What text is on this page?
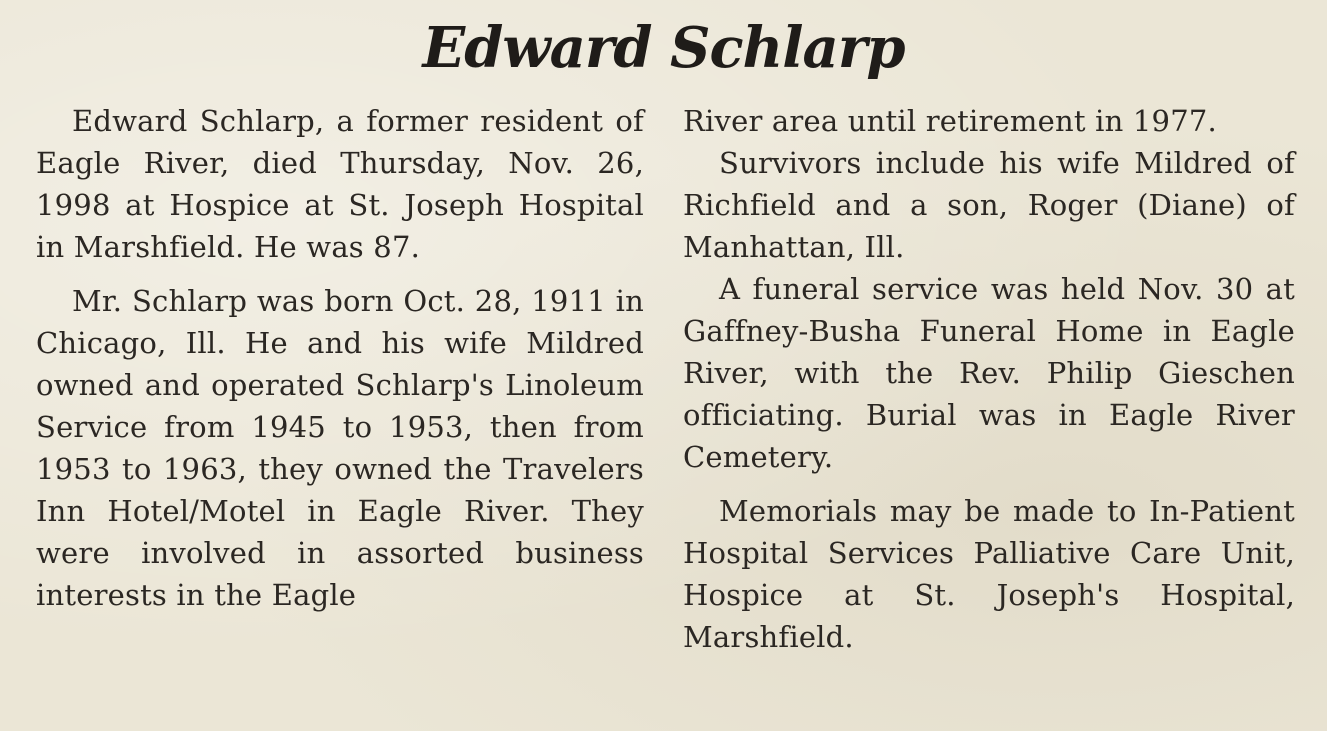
Edward Schlarp

Edward Schlarp, a former resident of Eagle River, died Thursday, Nov. 26, 1998 at Hospice at St. Joseph Hospital in Marshfield. He was 87.

Mr. Schlarp was born Oct. 28, 1911 in Chicago, Ill. He and his wife Mildred owned and operated Schlarp's Linoleum Service from 1945 to 1953, then from 1953 to 1963, they owned the Travelers Inn Hotel/Motel in Eagle River. They were involved in assorted business interests in the Eagle

River area until retirement in 1977.

Survivors include his wife Mildred of Richfield and a son, Roger (Diane) of Manhattan, Ill.

A funeral service was held Nov. 30 at Gaffney-Busha Funeral Home in Eagle River, with the Rev. Philip Gieschen officiating. Burial was in Eagle River Cemetery.

Memorials may be made to In-Patient Hospital Services Palliative Care Unit, Hospice at St. Joseph's Hospital, Marshfield.
